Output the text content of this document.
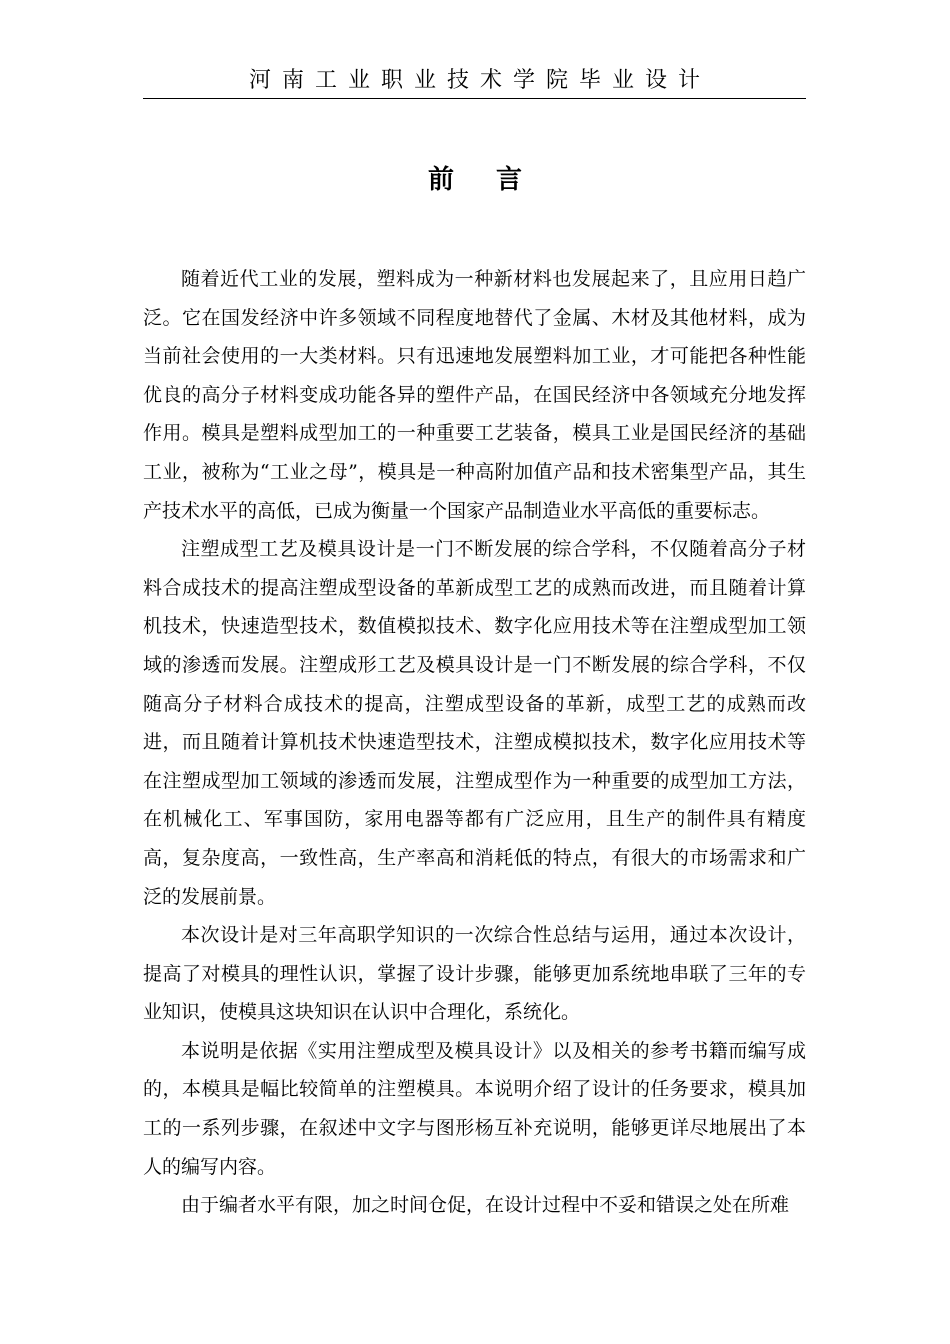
河南工业职业技术学院毕业设计
前言

随着近代工业的发展，塑料成为一种新材料也发展起来了，且应用日趋广泛。它在国发经济中许多领域不同程度地替代了金属、木材及其他材料，成为当前社会使用的一大类材料。只有迅速地发展塑料加工业，才可能把各种性能优良的高分子材料变成功能各异的塑件产品，在国民经济中各领域充分地发挥作用。模具是塑料成型加工的一种重要工艺装备，模具工业是国民经济的基础工业，被称为“工业之母”，模具是一种高附加值产品和技术密集型产品，其生产技术水平的高低，已成为衡量一个国家产品制造业水平高低的重要标志。

注塑成型工艺及模具设计是一门不断发展的综合学科，不仅随着高分子材料合成技术的提高注塑成型设备的革新成型工艺的成熟而改进，而且随着计算机技术，快速造型技术，数值模拟技术、数字化应用技术等在注塑成型加工领域的渗透而发展。注塑成形工艺及模具设计是一门不断发展的综合学科，不仅随高分子材料合成技术的提高，注塑成型设备的革新，成型工艺的成熟而改进，而且随着计算机技术快速造型技术，注塑成模拟技术，数字化应用技术等在注塑成型加工领域的渗透而发展，注塑成型作为一种重要的成型加工方法，在机械化工、军事国防，家用电器等都有广泛应用，且生产的制件具有精度高，复杂度高，一致性高，生产率高和消耗低的特点，有很大的市场需求和广泛的发展前景。

本次设计是对三年高职学知识的一次综合性总结与运用，通过本次设计，提高了对模具的理性认识，掌握了设计步骤，能够更加系统地串联了三年的专业知识，使模具这块知识在认识中合理化，系统化。

本说明是依据《实用注塑成型及模具设计》以及相关的参考书籍而编写成的，本模具是幅比较简单的注塑模具。本说明介绍了设计的任务要求，模具加工的一系列步骤，在叙述中文字与图形杨互补充说明，能够更详尽地展出了本人的编写内容。

由于编者水平有限，加之时间仓促，在设计过程中不妥和错误之处在所难
